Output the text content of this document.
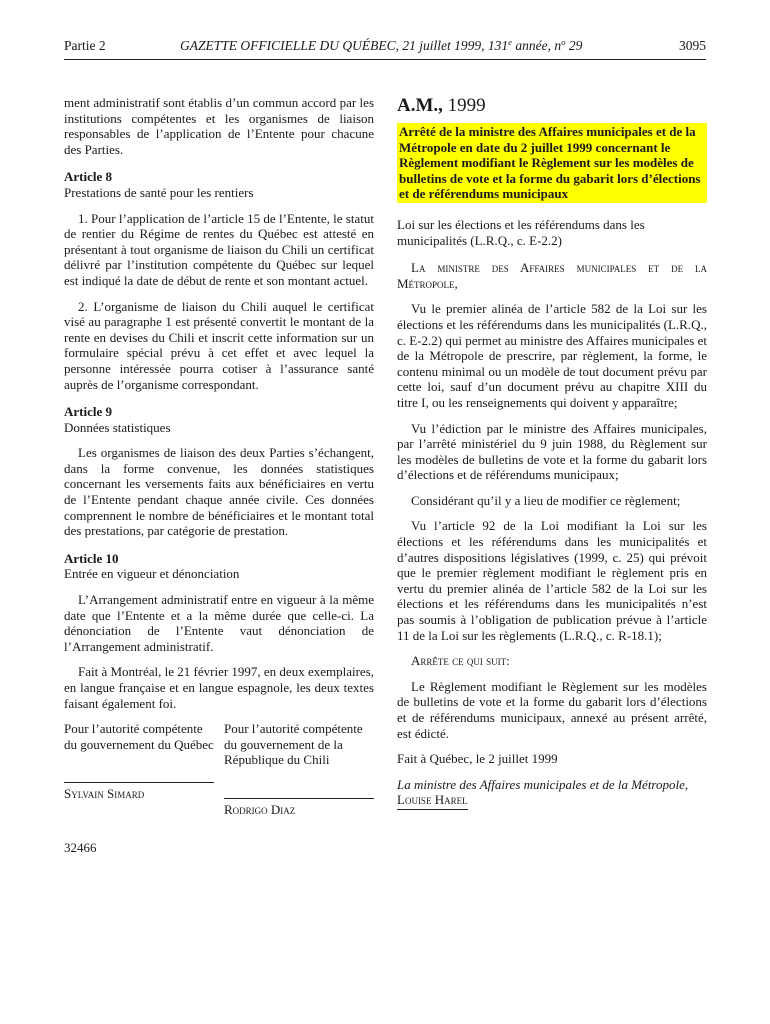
Partie 2	GAZETTE OFFICIELLE DU QUÉBEC, 21 juillet 1999, 131e année, $n^o$ 29	3095
ment administratif sont établis d’un commun accord par les institutions compétentes et les organismes de liaison responsables de l’application de l’Entente pour chacune des Parties.
Article 8
Prestations de santé pour les rentiers
1. Pour l’application de l’article 15 de l’Entente, le statut de rentier du Régime de rentes du Québec est attesté en présentant à tout organisme de liaison du Chili un certificat délivré par l’institution compétente du Québec sur lequel est indiqué la date de début de rente et son montant actuel.
2. L’organisme de liaison du Chili auquel le certificat visé au paragraphe 1 est présenté convertit le montant de la rente en devises du Chili et inscrit cette information sur un formulaire spécial prévu à cet effet et avec lequel la personne intéressée pourra cotiser à l’assurance santé auprès de l’organisme correspondant.
Article 9
Données statistiques
Les organismes de liaison des deux Parties s’échangent, dans la forme convenue, les données statistiques concernant les versements faits aux bénéficiaires en vertu de l’Entente pendant chaque année civile. Ces données comprennent le nombre de bénéficiaires et le montant total des prestations, par catégorie de prestation.
Article 10
Entrée en vigueur et dénonciation
L’Arrangement administratif entre en vigueur à la même date que l’Entente et a la même durée que celle-ci. La dénonciation de l’Entente vaut dénonciation de l’Arrangement administratif.
Fait à Montréal, le 21 février 1997, en deux exemplaires, en langue française et en langue espagnole, les deux textes faisant également foi.
Pour l’autorité compétente du gouvernement du Québec
Sylvain Simard
Pour l’autorité compétente du gouvernement de la République du Chili
Rodrigo Diaz
32466
A.M., 1999
Arrêté de la ministre des Affaires municipales et de la Métropole en date du 2 juillet 1999 concernant le Règlement modifiant le Règlement sur les modèles de bulletins de vote et la forme du gabarit lors d’élections et de référendums municipaux
Loi sur les élections et les référendums dans les municipalités (L.R.Q., c. E-2.2)
La ministre des Affaires municipales et de la Métropole,
Vu le premier alinéa de l’article 582 de la Loi sur les élections et les référendums dans les municipalités (L.R.Q., c. E-2.2) qui permet au ministre des Affaires municipales et de la Métropole de prescrire, par règlement, la forme, le contenu minimal ou un modèle de tout document prévu par cette loi, sauf d’un document prévu au chapitre XIII du titre I, ou les renseignements qui doivent y apparaître;
Vu l’édiction par le ministre des Affaires municipales, par l’arrêté ministériel du 9 juin 1988, du Règlement sur les modèles de bulletins de vote et la forme du gabarit lors d’élections et de référendums municipaux;
Considérant qu’il y a lieu de modifier ce règlement;
Vu l’article 92 de la Loi modifiant la Loi sur les élections et les référendums dans les municipalités et d’autres dispositions législatives (1999, c. 25) qui prévoit que le premier règlement modifiant le règlement pris en vertu du premier alinéa de l’article 582 de la Loi sur les élections et les référendums dans les municipalités n’est pas soumis à l’obligation de publication prévue à l’article 11 de la Loi sur les règlements (L.R.Q., c. R-18.1);
Arrête ce qui suit:
Le Règlement modifiant le Règlement sur les modèles de bulletins de vote et la forme du gabarit lors d’élections et de référendums municipaux, annexé au présent arrêté, est édicté.
Fait à Québec, le 2 juillet 1999
La ministre des Affaires municipales et de la Métropole,
Louise Harel
